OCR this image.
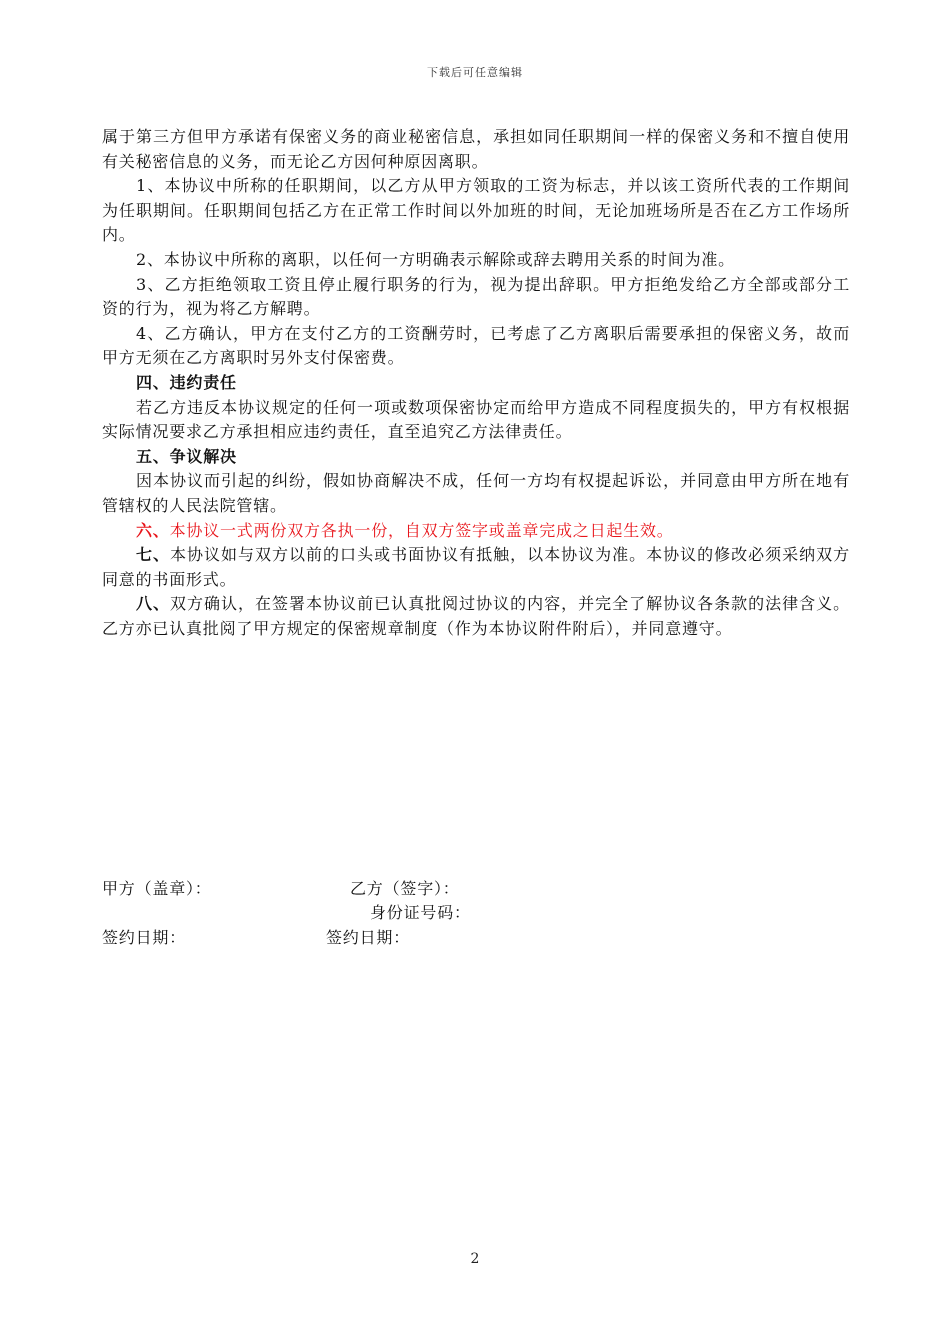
下载后可任意编辑

属于第三方但甲方承诺有保密义务的商业秘密信息，承担如同任职期间一样的保密义务和不擅自使用有关秘密信息的义务，而无论乙方因何种原因离职。

1、本协议中所称的任职期间，以乙方从甲方领取的工资为标志，并以该工资所代表的工作期间为任职期间。任职期间包括乙方在正常工作时间以外加班的时间，无论加班场所是否在乙方工作场所内。

2、本协议中所称的离职，以任何一方明确表示解除或辞去聘用关系的时间为准。

3、乙方拒绝领取工资且停止履行职务的行为，视为提出辞职。甲方拒绝发给乙方全部或部分工资的行为，视为将乙方解聘。

4、乙方确认，甲方在支付乙方的工资酬劳时，已考虑了乙方离职后需要承担的保密义务，故而甲方无须在乙方离职时另外支付保密费。

四、违约责任

若乙方违反本协议规定的任何一项或数项保密协定而给甲方造成不同程度损失的，甲方有权根据实际情况要求乙方承担相应违约责任，直至追究乙方法律责任。

五、争议解决

因本协议而引起的纠纷，假如协商解决不成，任何一方均有权提起诉讼，并同意由甲方所在地有管辖权的人民法院管辖。

六、本协议一式两份双方各执一份，自双方签字或盖章完成之日起生效。

七、本协议如与双方以前的口头或书面协议有抵触，以本协议为准。本协议的修改必须采纳双方同意的书面形式。

八、双方确认，在签署本协议前已认真批阅过协议的内容，并完全了解协议各条款的法律含义。乙方亦已认真批阅了甲方规定的保密规章制度（作为本协议附件附后），并同意遵守。

甲方（盖章）：	乙方（签字）：
身份证号码：
签约日期：	签约日期：
2
